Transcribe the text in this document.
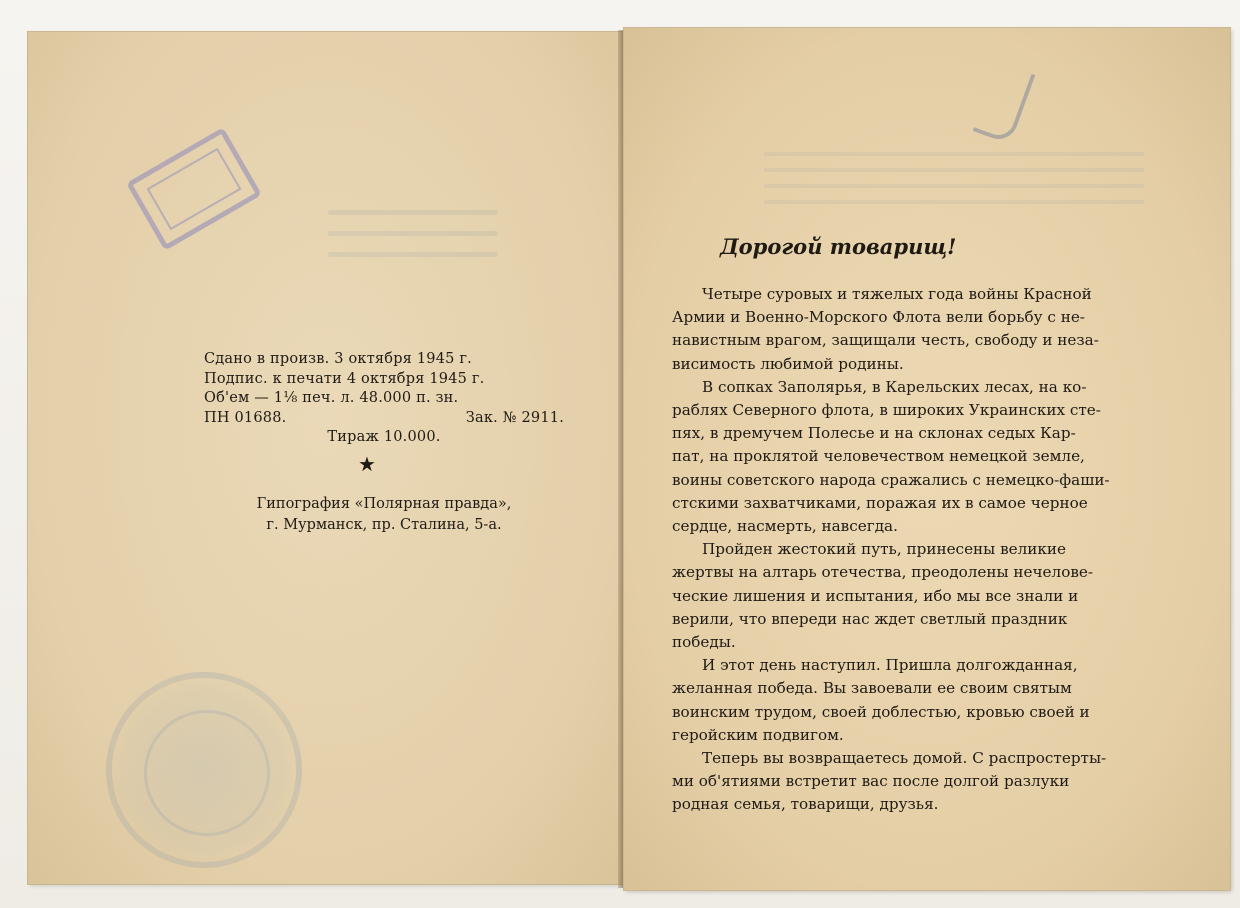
Сдано в произв. 3 октября 1945 г.
Подпис. к печати 4 октября 1945 г.
Об'ем — 1⅛ печ. л. 48.000 п. зн.
ПН 01688.	Зак. № 2911.
Тираж 10.000.
★
Гипография «Полярная правда»,
г. Мурманск, пр. Сталина, 5-а.
Дорогой товарищ!
Четыре суровых и тяжелых года войны Красной
Армии и Военно-Морского Флота вели борьбу с не-
навистным врагом, защищали честь, свободу и неза-
висимость любимой родины.
В сопках Заполярья, в Карельских лесах, на ко-
раблях Северного флота, в широких Украинских сте-
пях, в дремучем Полесье и на склонах седых Кар-
пат, на проклятой человечеством немецкой земле,
воины советского народа сражались с немецко-фаши-
стскими захватчиками, поражая их в самое черное
сердце, насмерть, навсегда.
Пройден жестокий путь, принесены великие
жертвы на алтарь отечества, преодолены нечелове-
ческие лишения и испытания, ибо мы все знали и
верили, что впереди нас ждет светлый праздник
победы.
И этот день наступил. Пришла долгожданная,
желанная победа. Вы завоевали ее своим святым
воинским трудом, своей доблестью, кровью своей и
геройским подвигом.
Теперь вы возвращаетесь домой. С распростерты-
ми об'ятиями встретит вас после долгой разлуки
родная семья, товарищи, друзья.
